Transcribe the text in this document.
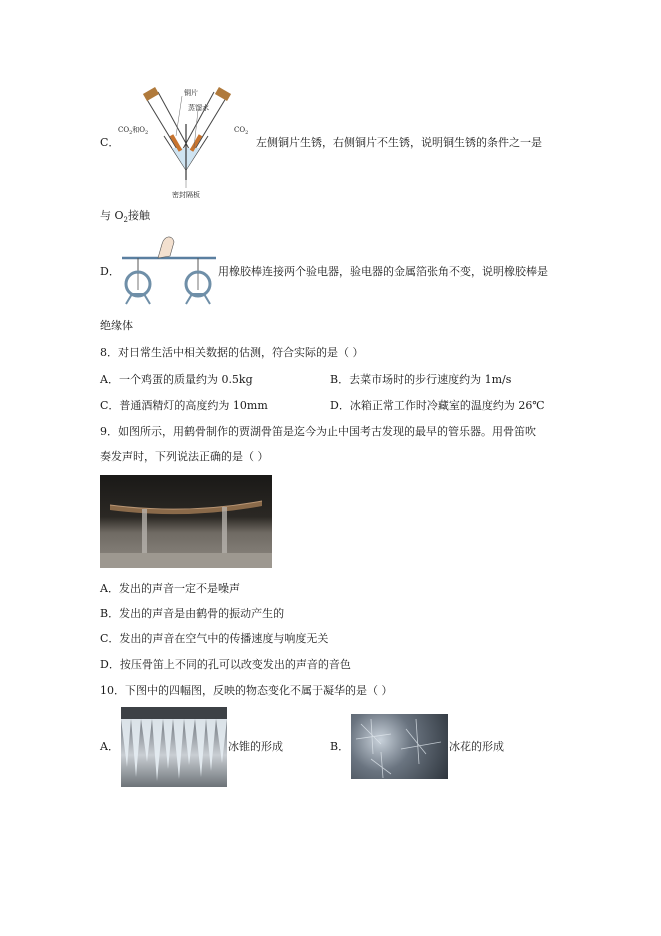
C．
铜片
蒸馏水
$CO_2$和$O_2$	$CO_2$
密封隔板
左侧铜片生锈，右侧铜片不生锈，说明铜生锈的条件之一是
与 $O_2$接触
D．	用橡胶棒连接两个验电器，验电器的金属箔张角不变，说明橡胶棒是
绝缘体
8．对日常生活中相关数据的估测，符合实际的是（ ）
A．一个鸡蛋的质量约为 0.5kg	B．去菜市场时的步行速度约为 1m/s
C．普通酒精灯的高度约为 10mm	D．冰箱正常工作时冷藏室的温度约为 26℃
9．如图所示，用鹤骨制作的贾湖骨笛是迄今为止中国考古发现的最早的管乐器。用骨笛吹
奏发声时，下列说法正确的是（ ）
A．发出的声音一定不是噪声
B．发出的声音是由鹤骨的振动产生的
C．发出的声音在空气中的传播速度与响度无关
D．按压骨笛上不同的孔可以改变发出的声音的音色
10．下图中的四幅图，反映的物态变化不属于凝华的是（ ）
A．	冰锥的形成	B．	冰花的形成
